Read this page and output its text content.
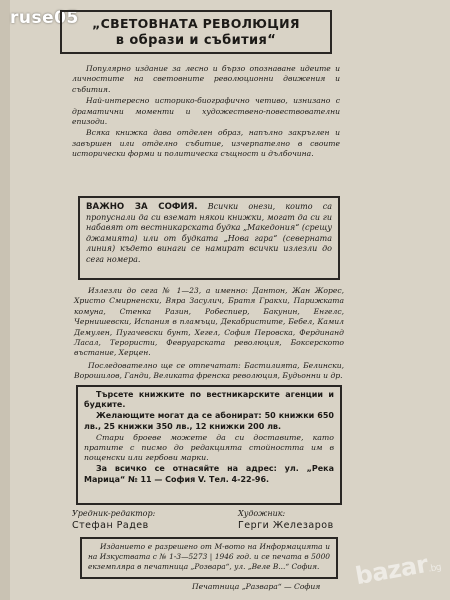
ruse05	„СВЕТОВНАТА РЕВОЛЮЦИЯ
в образи и събития“

Популярно издание за лесно и бързо опознаване идеите и личностите на световните революционни движения и събития.

Най-интересно историко-биографично четиво, изнизано с драматични моменти и художествено-повествователни епизоди.

Всяка книжка дава отделен образ, напълно закръглен и завършен или отделно събитие, изчерпателно в своите исторически форми и политическа същност и дълбочина.

ВАЖНО ЗА СОФИЯ. Всички онези, които са пропуснали да си вземат някои книжки, могат да си ги набавят от вестникарската будка „Македония“ (срещу джамията) или от будката „Нова гара“ (северната линия) където винаги се намират всички излезли до сега номера.

Излезли до сега № 1—23, а именно: Дантон, Жан Жорес, Христо Смирненски, Вяра Засулич, Братя Гракхи, Парижката комуна, Стенка Разин, Робеспиер, Бакунин, Енгелс, Чернишевски, Испания в пламъци, Декабристите, Бебел, Камил Демулен, Пугачевски бунт, Хегел, София Перовска, Фердинанд Ласал, Терористи, Февруарската революция, Боксерското въстание, Херцен.

Последователно ще се отпечатат: Бастилията, Белински, Ворошилов, Ганди, Великата френска революция, Будьонни и др.

Търсете книжките по вестникарските агенции и будките.

Желающите могат да се абонират: 50 книжки 650 лв., 25 книжки 350 лв., 12 книжки 200 лв.

Стари броеве можете да си доставите, като пратите с писмо до редакцията стойността им в пощенски или гербови марки.

За всичко се отнасяйте на адрес: ул. „Река Марица“ № 11 — София V. Тел. 4-22-96.

Уредник-редактор:
Стефан Радев
Художник:
Герги Железаров
Изданието е разрешено от М-вото на Информацията и на Изкуствата с № 1-3—5273 | 1946 год. и се печата в 5000 екземпляра в печатница „Розвара“, ул. „Веле В...“ София.
Печатница „Развара“ — София bazar.bg
